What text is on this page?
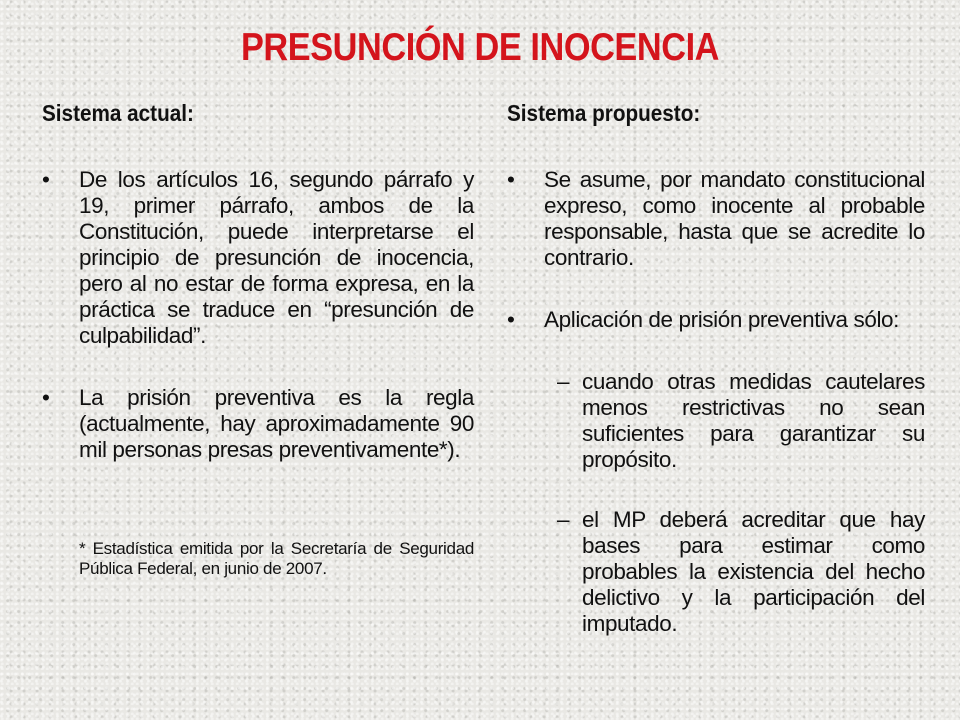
PRESUNCIÓN DE INOCENCIA
Sistema actual:
• De los artículos 16, segundo párrafo y 19, primer párrafo, ambos de la Constitución, puede interpretarse el principio de presunción de inocencia, pero al no estar de forma expresa, en la práctica se traduce en “presunción de culpabilidad”.
• La prisión preventiva es la regla (actualmente, hay aproximadamente 90 mil personas presas preventivamente*).
* Estadística emitida por la Secretaría de Seguridad Pública Federal, en junio de 2007.
Sistema propuesto:
• Se asume, por mandato constitucional expreso, como inocente al probable responsable, hasta que se acredite lo contrario.
• Aplicación de prisión preventiva sólo:
– cuando otras medidas cautelares menos restrictivas no sean suficientes para garantizar su propósito.
– el MP deberá acreditar que hay bases para estimar como probables la existencia del hecho delictivo y la participación del imputado.
